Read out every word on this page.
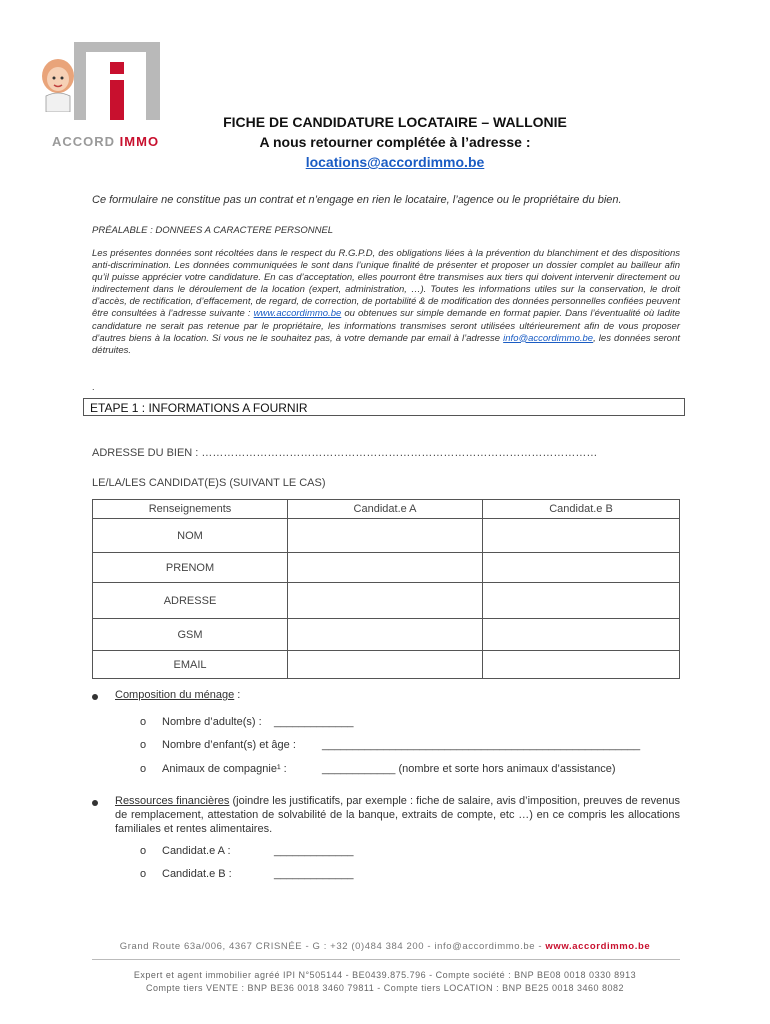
ACCORD IMMO
FICHE DE CANDIDATURE LOCATAIRE – WALLONIE
A nous retourner complétée à l’adresse :
locations@accordimmo.be
Ce formulaire ne constitue pas un contrat et n’engage en rien le locataire, l’agence ou le propriétaire du bien.
PRÉALABLE : DONNEES A CARACTERE PERSONNEL
Les présentes données sont récoltées dans le respect du R.G.P.D, des obligations liées à la prévention du blanchiment et des dispositions anti-discrimination. Les données communiquées le sont dans l’unique finalité de présenter et proposer un dossier complet au bailleur afin qu’il puisse apprécier votre candidature. En cas d’acceptation, elles pourront être transmises aux tiers qui doivent intervenir directement ou indirectement dans le déroulement de la location (expert, administration, …). Toutes les informations utiles sur la conservation, le droit d’accès, de rectification, d’effacement, de regard, de correction, de portabilité & de modification des données personnelles confiées peuvent être consultées à l’adresse suivante : www.accordimmo.be ou obtenues sur simple demande en format papier. Dans l’éventualité où ladite candidature ne serait pas retenue par le propriétaire, les informations transmises seront utilisées ultérieurement afin de vous proposer d’autres biens à la location. Si vous ne le souhaitez pas, à votre demande par email à l’adresse info@accordimmo.be, les données seront détruites.
.
ETAPE 1 : INFORMATIONS A FOURNIR
ADRESSE DU BIEN : ………………………………………………………………………………………………
LE/LA/LES CANDIDAT(E)S (SUIVANT LE CAS)
Renseignements	Candidat.e A	Candidat.e B
NOM		
PRENOM		
ADRESSE		
GSM		
EMAIL		
Composition du ménage :
o Nombre d’adulte(s) : _____________
o Nombre d’enfant(s) et âge : ____________________________________________________
o Animaux de compagnie¹ :	____________ (nombre et sorte hors animaux d’assistance)
Ressources financières (joindre les justificatifs, par exemple : fiche de salaire, avis d’imposition, preuves de revenus de remplacement, attestation de solvabilité de la banque, extraits de compte, etc …) en ce compris les allocations familiales et rentes alimentaires.
o Candidat.e A :	_____________
o Candidat.e B :	_____________
Grand Route 63a/006, 4367 CRISNÉE - G : +32 (0)484 384 200 - info@accordimmo.be - www.accordimmo.be
Expert et agent immobilier agréé IPI N°505144 - BE0439.875.796 - Compte société : BNP BE08 0018 0330 8913
Compte tiers VENTE : BNP BE36 0018 3460 79811 - Compte tiers LOCATION : BNP BE25 0018 3460 8082
